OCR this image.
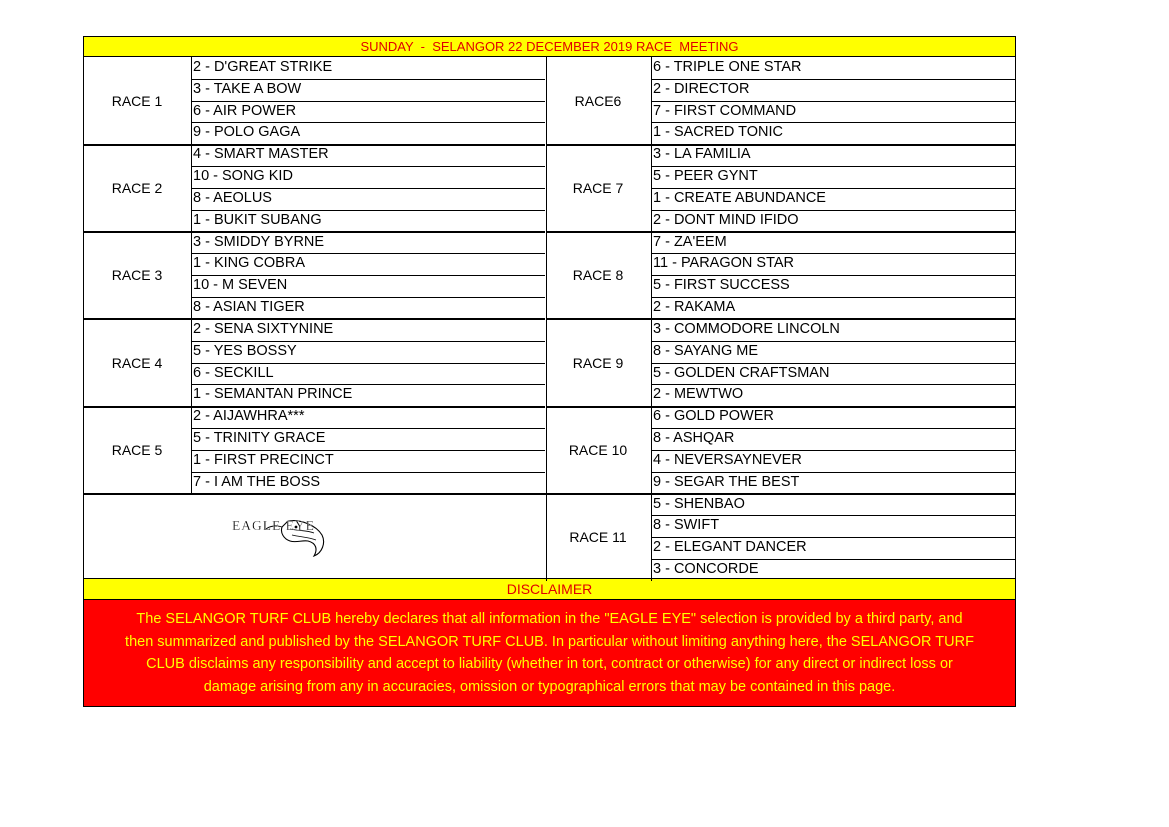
SUNDAY  -  SELANGOR 22 DECEMBER 2019 RACE  MEETING
EAGLE EYE
DISCLAIMER
The SELANGOR TURF CLUB hereby declares that all information in the "EAGLE EYE" selection is provided by a third party, and
then summarized and published by the SELANGOR TURF CLUB. In particular without limiting anything here, the SELANGOR TURF
CLUB disclaims any responsibility and accept to liability (whether in tort, contract or otherwise) for any direct or indirect loss or
damage arising from any in accuracies, omission or typographical errors that may be contained in this page.
RACE 1
2 - D'GREAT STRIKE
3 - TAKE A BOW
6 - AIR POWER
9 - POLO GAGA
RACE 2
4 - SMART MASTER
10 - SONG KID
8 - AEOLUS
1 - BUKIT SUBANG
RACE 3
3 - SMIDDY BYRNE
1 - KING COBRA
10 - M SEVEN
8 - ASIAN TIGER
RACE 4
2 - SENA SIXTYNINE
5 - YES BOSSY
6 - SECKILL
1 - SEMANTAN PRINCE
RACE 5
2 - AIJAWHRA***
5 - TRINITY GRACE
1 - FIRST PRECINCT
7 - I AM THE BOSS
RACE6
6 - TRIPLE ONE STAR
2 - DIRECTOR
7 - FIRST COMMAND
1 - SACRED TONIC
RACE 7
3 - LA FAMILIA
5 - PEER GYNT
1 - CREATE ABUNDANCE
2 - DONT MIND IFIDO
RACE 8
7 - ZA'EEM
11 - PARAGON STAR
5 - FIRST SUCCESS
2 - RAKAMA
RACE 9
3 - COMMODORE LINCOLN
8 - SAYANG ME
5 - GOLDEN CRAFTSMAN
2 - MEWTWO
RACE 10
6 - GOLD POWER
8 - ASHQAR
4 - NEVERSAYNEVER
9 - SEGAR THE BEST
RACE 11
5 - SHENBAO
8 - SWIFT
2 - ELEGANT DANCER
3 - CONCORDE
